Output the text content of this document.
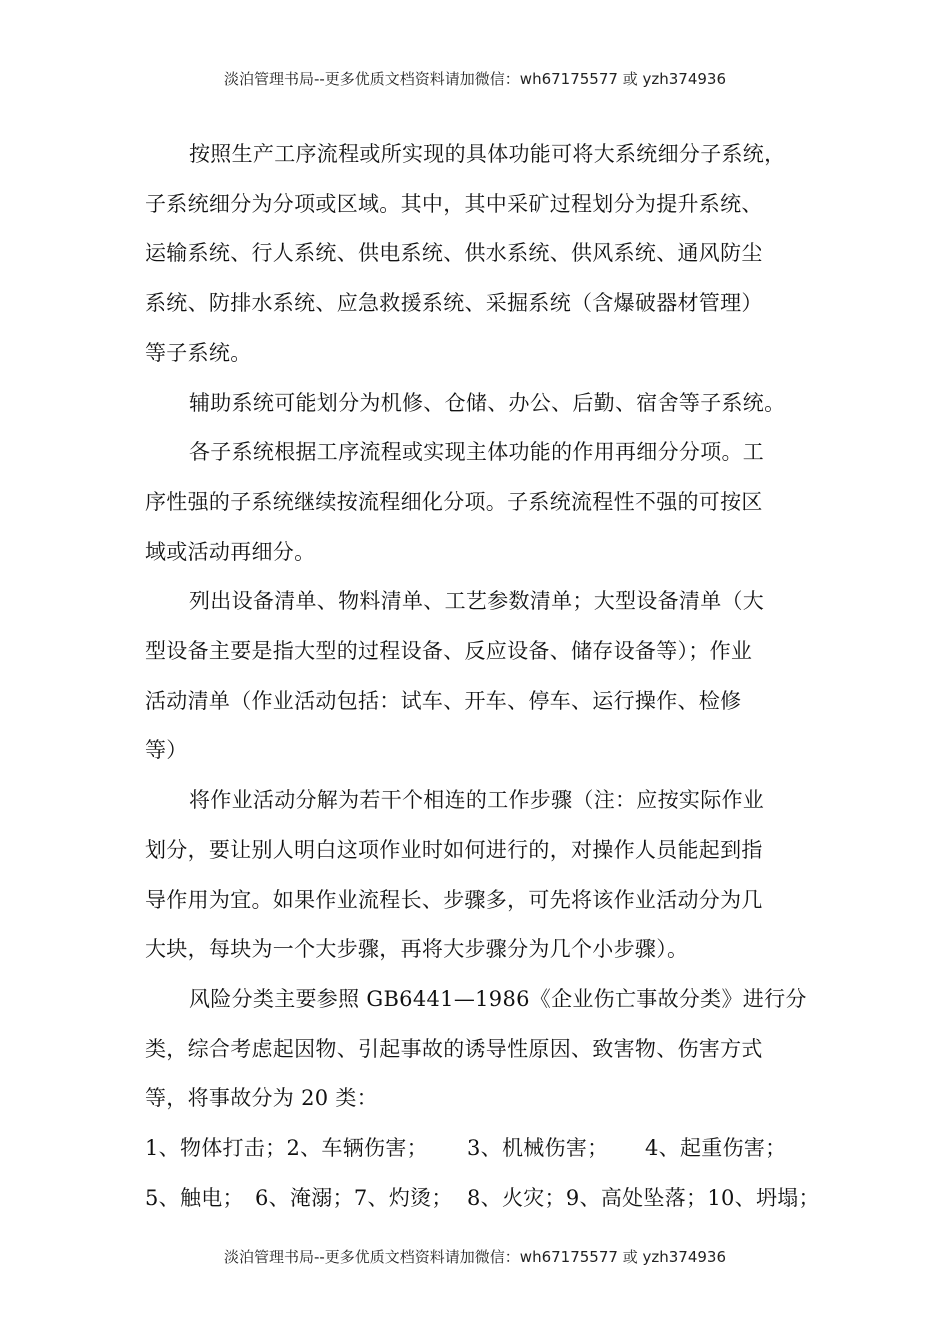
淡泊管理书局--更多优质文档资料请加微信：wh67175577 或 yzh374936

按照生产工序流程或所实现的具体功能可将大系统细分子系统，
子系统细分为分项或区域。其中，其中采矿过程划分为提升系统、
运输系统、行人系统、供电系统、供水系统、供风系统、通风防尘
系统、防排水系统、应急救援系统、采掘系统（含爆破器材管理）
等子系统。

辅助系统可能划分为机修、仓储、办公、后勤、宿舍等子系统。

各子系统根据工序流程或实现主体功能的作用再细分分项。工
序性强的子系统继续按流程细化分项。子系统流程性不强的可按区
域或活动再细分。

列出设备清单、物料清单、工艺参数清单；大型设备清单（大
型设备主要是指大型的过程设备、反应设备、储存设备等）；作业
活动清单（作业活动包括：试车、开车、停车、运行操作、检修
等）

将作业活动分解为若干个相连的工作步骤（注：应按实际作业
划分，要让别人明白这项作业时如何进行的，对操作人员能起到指
导作用为宜。如果作业流程长、步骤多，可先将该作业活动分为几
大块，每块为一个大步骤，再将大步骤分为几个小步骤）。

风险分类主要参照 GB6441—1986《企业伤亡事故分类》进行分
类，综合考虑起因物、引起事故的诱导性原因、致害物、伤害方式
等，将事故分为 20 类：

1、物体打击；2、车辆伤害； 3、机械伤害； 4、起重伤害；
5、触电； 6、淹溺；7、灼烫； 8、火灾；9、高处坠落；10、坍塌；
淡泊管理书局--更多优质文档资料请加微信：wh67175577 或 yzh374936
